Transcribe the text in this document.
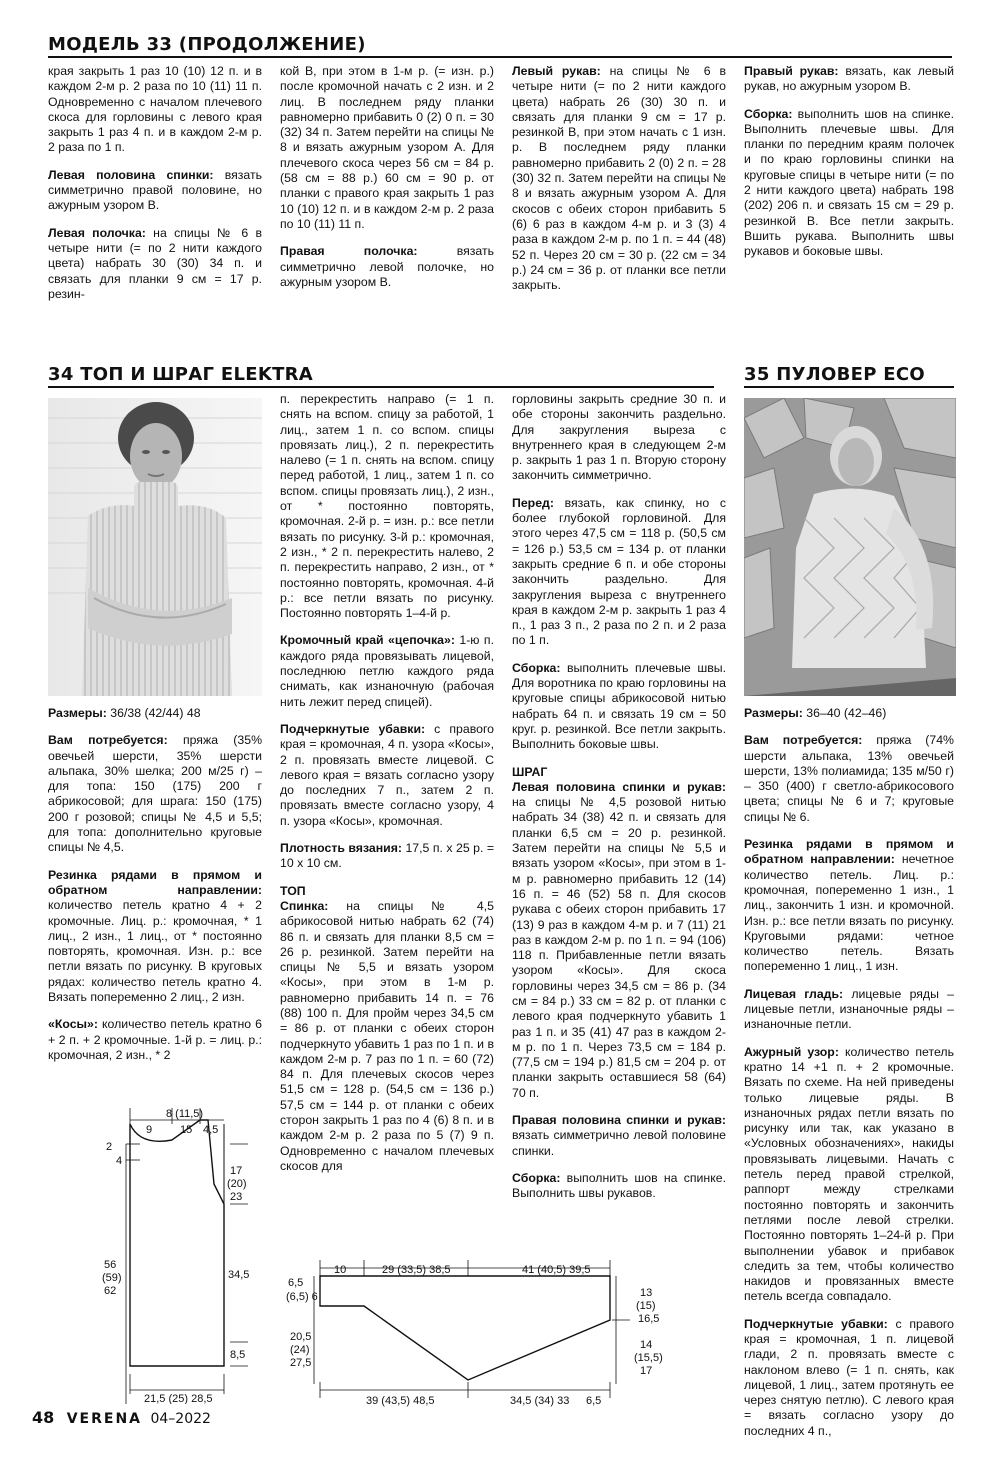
МОДЕЛЬ 33 (ПРОДОЛЖЕНИЕ)

края закрыть 1 раз 10 (10) 12 п. и в каждом 2-м р. 2 раза по 10 (11) 11 п. Одновременно с началом плечевого скоса для горловины с левого края закрыть 1 раз 4 п. и в каждом 2-м р. 2 раза по 1 п.

Левая половина спинки: вязать симметрично правой половине, но ажурным узором В.

Левая полочка: на спицы № 6 в четыре нити (= по 2 нити каждого цвета) набрать 30 (30) 34 п. и связать для планки 9 см = 17 р. резин-

кой В, при этом в 1-м р. (= изн. р.) после кромочной начать с 2 изн. и 2 лиц. В последнем ряду планки равномерно прибавить 0 (2) 0 п. = 30 (32) 34 п. Затем перейти на спицы № 8 и вязать ажурным узором А. Для плечевого скоса через 56 см = 84 р. (58 см = 88 р.) 60 см = 90 р. от планки с правого края закрыть 1 раз 10 (10) 12 п. и в каждом 2-м р. 2 раза по 10 (11) 11 п.

Правая полочка: вязать симметрично левой полочке, но ажурным узором В.

Левый рукав: на спицы № 6 в четыре нити (= по 2 нити каждого цвета) набрать 26 (30) 30 п. и связать для планки 9 см = 17 р. резинкой В, при этом начать с 1 изн. р. В последнем ряду планки равномерно прибавить 2 (0) 2 п. = 28 (30) 32 п. Затем перейти на спицы № 8 и вязать ажурным узором А. Для скосов с обеих сторон прибавить 5 (6) 6 раз в каждом 4-м р. и 3 (3) 4 раза в каждом 2-м р. по 1 п. = 44 (48) 52 п. Через 20 см = 30 р. (22 см = 34 р.) 24 см = 36 р. от планки все петли закрыть.

Правый рукав: вязать, как левый рукав, но ажурным узором В.

Сборка: выполнить шов на спинке. Выполнить плечевые швы. Для планки по передним краям полочек и по краю горловины спинки на круговые спицы в четыре нити (= по 2 нити каждого цвета) набрать 198 (202) 206 п. и связать 15 см = 29 р. резинкой В. Все петли закрыть. Вшить рукава. Выполнить швы рукавов и боковые швы.

34 ТОП И ШРАГ ELEKTRA

Размеры: 36/38 (42/44) 48

Вам потребуется: пряжа (35% овечьей шерсти, 35% шерсти альпака, 30% шелка; 200 м/25 г) – для топа: 150 (175) 200 г абрикосовой; для шрага: 150 (175) 200 г розовой; спицы № 4,5 и 5,5; для топа: дополнительно круговые спицы № 4,5.

Резинка рядами в прямом и обратном направлении: количество петель кратно 4 + 2 кромочные. Лиц. р.: кромочная, * 1 лиц., 2 изн., 1 лиц., от * постоянно повторять, кромочная. Изн. р.: все петли вязать по рисунку. В круговых рядах: количество петель кратно 4. Вязать попеременно 2 лиц., 2 изн.

«Косы»: количество петель кратно 6 + 2 п. + 2 кромочные. 1-й р. = лиц. р.: кромочная, 2 изн., * 2

п. перекрестить направо (= 1 п. снять на вспом. спицу за работой, 1 лиц., затем 1 п. со вспом. спицы провязать лиц.), 2 п. перекрестить налево (= 1 п. снять на вспом. спицу перед работой, 1 лиц., затем 1 п. со вспом. спицы провязать лиц.), 2 изн., от * постоянно повторять, кромочная. 2-й р. = изн. р.: все петли вязать по рисунку. 3-й р.: кромочная, 2 изн., * 2 п. перекрестить налево, 2 п. перекрестить направо, 2 изн., от * постоянно повторять, кромочная. 4-й р.: все петли вязать по рисунку. Постоянно повторять 1–4-й р.

Кромочный край «цепочка»: 1-ю п. каждого ряда провязывать лицевой, последнюю петлю каждого ряда снимать, как изнаночную (рабочая нить лежит перед спицей).

Подчеркнутые убавки: с правого края = кромочная, 4 п. узора «Косы», 2 п. провязать вместе лицевой. С левого края = вязать согласно узору до последних 7 п., затем 2 п. провязать вместе согласно узору, 4 п. узора «Косы», кромочная.

Плотность вязания: 17,5 п. х 25 р. = 10 х 10 см.

ТОП

Спинка: на спицы № 4,5 абрикосовой нитью набрать 62 (74) 86 п. и связать для планки 8,5 см = 26 р. резинкой. Затем перейти на спицы № 5,5 и вязать узором «Косы», при этом в 1-м р. равномерно прибавить 14 п. = 76 (88) 100 п. Для пройм через 34,5 см = 86 р. от планки с обеих сторон подчеркнуто убавить 1 раз по 1 п. и в каждом 2-м р. 7 раз по 1 п. = 60 (72) 84 п. Для плечевых скосов через 51,5 см = 128 р. (54,5 см = 136 р.) 57,5 см = 144 р. от планки с обеих сторон закрыть 1 раз по 4 (6) 8 п. и в каждом 2-м р. 2 раза по 5 (7) 9 п. Одновременно с началом плечевых скосов для

горловины закрыть средние 30 п. и обе стороны закончить раздельно. Для закругления выреза с внутреннего края в следующем 2-м р. закрыть 1 раз 1 п. Вторую сторону закончить симметрично.

Перед: вязать, как спинку, но с более глубокой горловиной. Для этого через 47,5 см = 118 р. (50,5 см = 126 р.) 53,5 см = 134 р. от планки закрыть средние 6 п. и обе стороны закончить раздельно. Для закругления выреза с внутреннего края в каждом 2-м р. закрыть 1 раз 4 п., 1 раз 3 п., 2 раза по 2 п. и 2 раза по 1 п.

Сборка: выполнить плечевые швы. Для воротника по краю горловины на круговые спицы абрикосовой нитью набрать 64 п. и связать 19 см = 50 круг. р. резинкой. Все петли закрыть. Выполнить боковые швы.

ШРАГ

Левая половина спинки и рукав: на спицы № 4,5 розовой нитью набрать 34 (38) 42 п. и связать для планки 6,5 см = 20 р. резинкой. Затем перейти на спицы № 5,5 и вязать узором «Косы», при этом в 1-м р. равномерно прибавить 12 (14) 16 п. = 46 (52) 58 п. Для скосов рукава с обеих сторон прибавить 17 (13) 9 раз в каждом 4-м р. и 7 (11) 21 раз в каждом 2-м р. по 1 п. = 94 (106) 118 п. Прибавленные петли вязать узором «Косы». Для скоса горловины через 34,5 см = 86 р. (34 см = 84 р.) 33 см = 82 р. от планки с левого края подчеркнуто убавить 1 раз 1 п. и 35 (41) 47 раз в каждом 2-м р. по 1 п. Через 73,5 см = 184 р. (77,5 см = 194 р.) 81,5 см = 204 р. от планки закрыть оставшиеся 58 (64) 70 п.

Правая половина спинки и рукав: вязать симметрично левой половине спинки.

Сборка: выполнить шов на спинке. Выполнить швы рукавов.

8 (11,5)
9	15 4,5
2
4
56
(59)
62
17
(20)
23
34,5
8,5
21,5 (25) 28,5
10	29 (33,5) 38,5	41 (40,5) 39,5
6,5
(6,5) 6
20,5
(24)
27,5
13
(15)
16,5
14
(15,5)
17
39 (43,5) 48,5	34,5 (34) 33 6,5
35 ПУЛОВЕР ECO

Размеры: 36–40 (42–46)

Вам потребуется: пряжа (74% шерсти альпака, 13% овечьей шерсти, 13% полиамида; 135 м/50 г) – 350 (400) г светло-абрикосового цвета; спицы № 6 и 7; круговые спицы № 6.

Резинка рядами в прямом и обратном направлении: нечетное количество петель. Лиц. р.: кромочная, попеременно 1 изн., 1 лиц., закончить 1 изн. и кромочной. Изн. р.: все петли вязать по рисунку. Круговыми рядами: четное количество петель. Вязать попеременно 1 лиц., 1 изн.

Лицевая гладь: лицевые ряды – лицевые петли, изнаночные ряды – изнаночные петли.

Ажурный узор: количество петель кратно 14 +1 п. + 2 кромочные. Вязать по схеме. На ней приведены только лицевые ряды. В изнаночных рядах петли вязать по рисунку или так, как указано в «Условных обозначениях», накиды провязывать лицевыми. Начать с петель перед правой стрелкой, раппорт между стрелками постоянно повторять и закончить петлями после левой стрелки. Постоянно повторять 1–24-й р. При выполнении убавок и прибавок следить за тем, чтобы количество накидов и провязанных вместе петель всегда совпадало.

Подчеркнутые убавки: с правого края = кромочная, 1 п. лицевой глади, 2 п. провязать вместе с наклоном влево (= 1 п. снять, как лицевой, 1 лиц., затем протянуть ее через снятую петлю). С левого края = вязать согласно узору до последних 4 п.,

48 VERENA 04–2022
